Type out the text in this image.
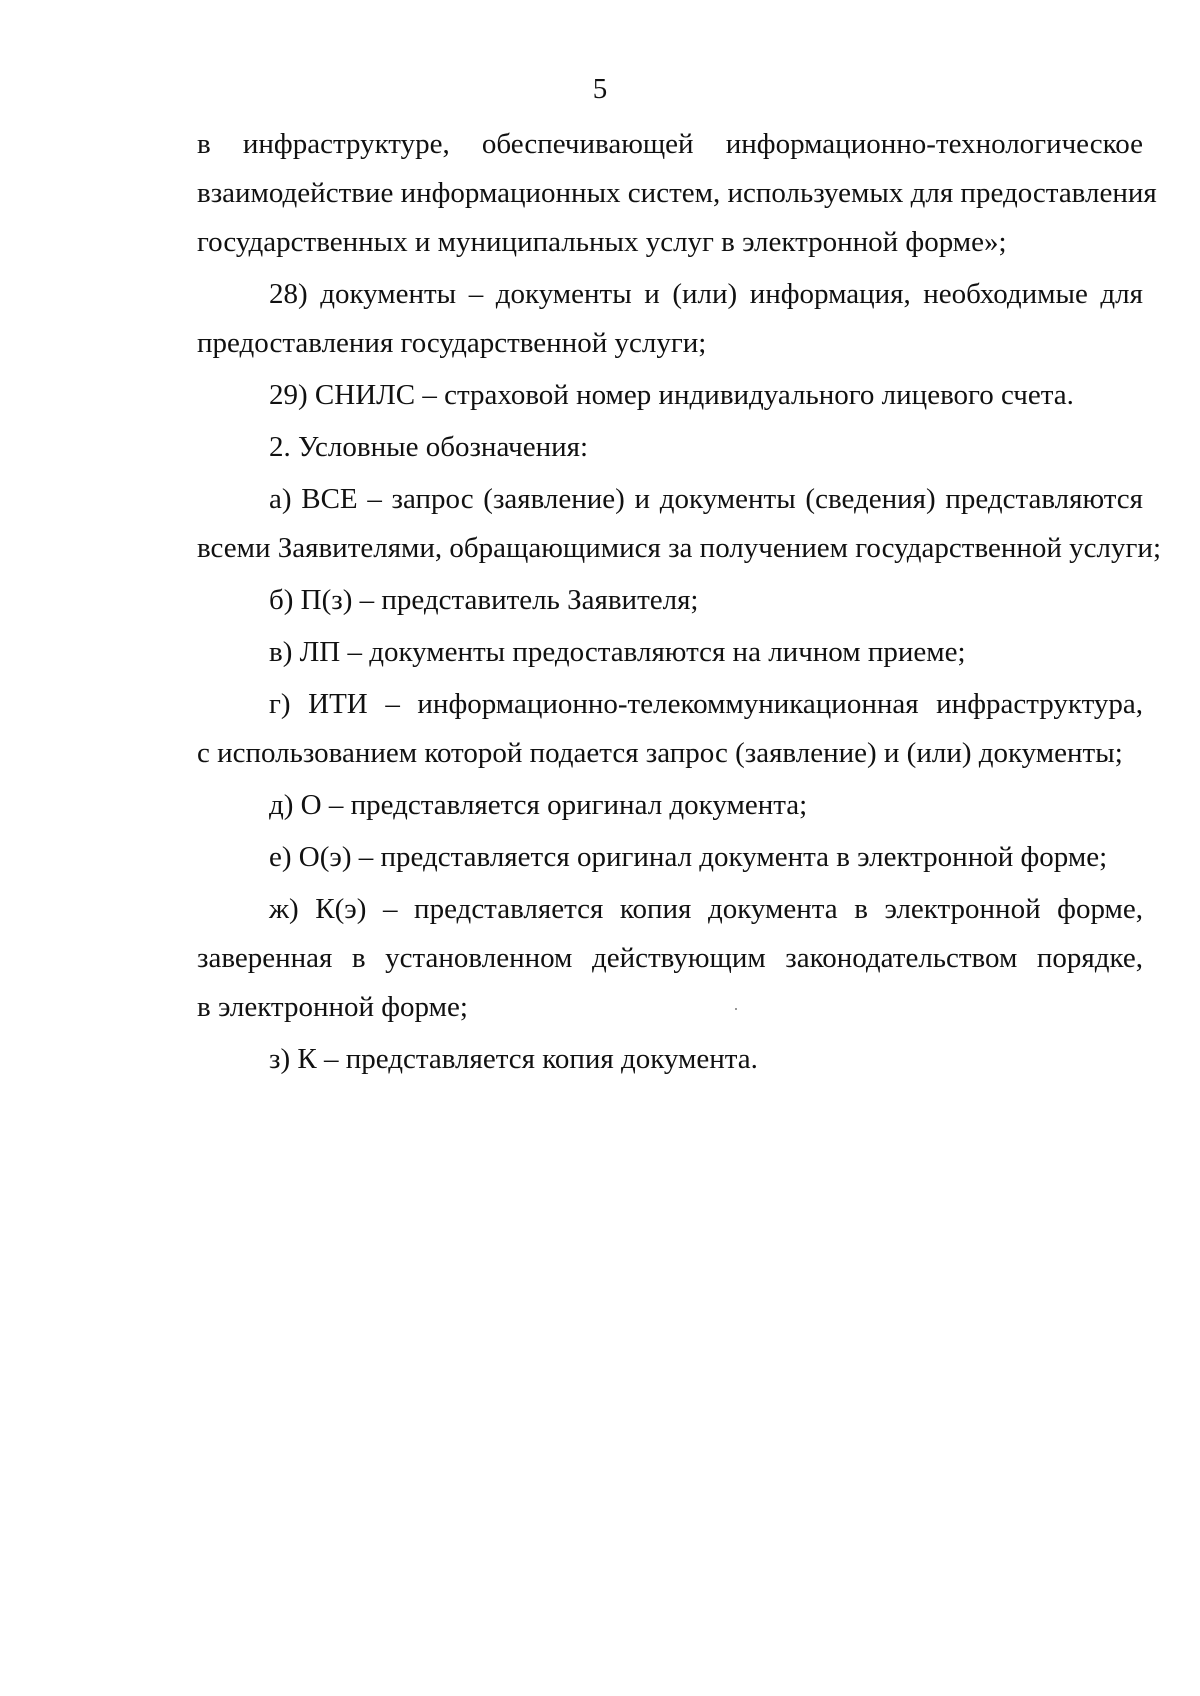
5
в инфраструктуре, обеспечивающей информационно-технологическое
взаимодействие информационных систем, используемых для предоставления
государственных и муниципальных услуг в электронной форме»;
28) документы – документы и (или) информация, необходимые для
предоставления государственной услуги;
29) СНИЛС – страховой номер индивидуального лицевого счета.
2. Условные обозначения:
а) ВСЕ – запрос (заявление) и документы (сведения) представляются
всеми Заявителями, обращающимися за получением государственной услуги;
б) П(з) – представитель Заявителя;
в) ЛП – документы предоставляются на личном приеме;
г) ИТИ – информационно-телекоммуникационная инфраструктура,
с использованием которой подается запрос (заявление) и (или) документы;
д) О – представляется оригинал документа;
е) О(э) – представляется оригинал документа в электронной форме;
ж) К(э) – представляется копия документа в электронной форме,
заверенная в установленном действующим законодательством порядке,
в электронной форме;
з) К – представляется копия документа.
